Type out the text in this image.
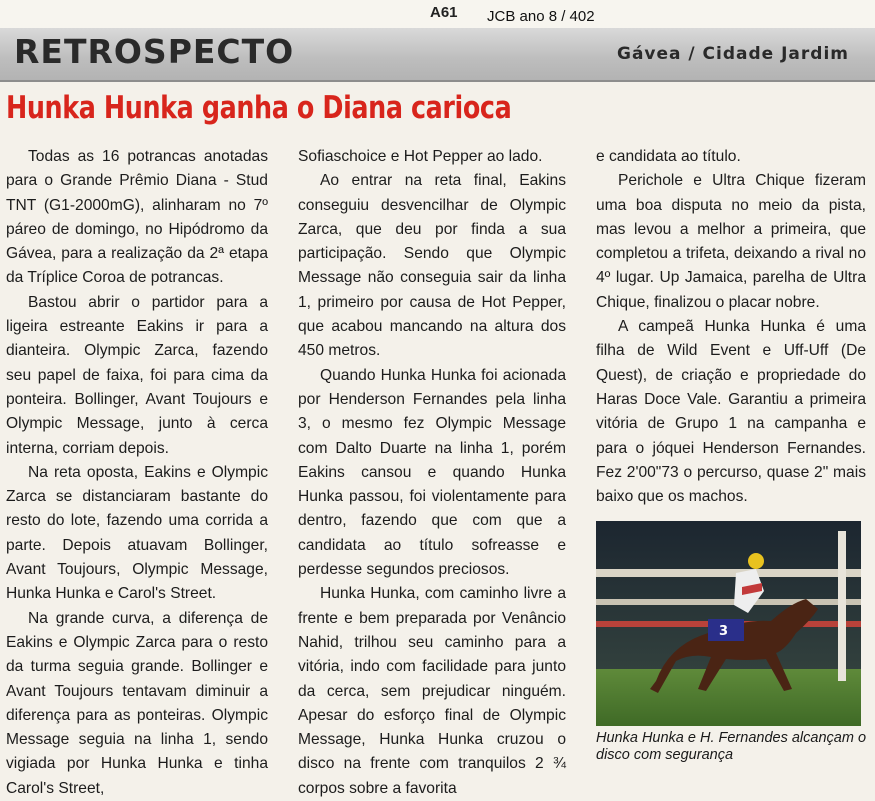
A61 JCB ano 8 / 402
RETROSPECTO	Gávea / Cidade Jardim
Hunka Hunka ganha o Diana carioca

Todas as 16 potrancas anotadas para o Grande Prêmio Diana - Stud TNT (G1-2000mG), alinharam no 7º páreo de domingo, no Hipódromo da Gávea, para a realização da 2ª etapa da Tríplice Coroa de potrancas.

Bastou abrir o partidor para a ligeira estreante Eakins ir para a dianteira. Olympic Zarca, fazendo seu papel de faixa, foi para cima da ponteira. Bollinger, Avant Toujours e Olympic Message, junto à cerca interna, corriam depois.

Na reta oposta, Eakins e Olympic Zarca se distanciaram bastante do resto do lote, fazendo uma corrida a parte. Depois atuavam Bollinger, Avant Toujours, Olympic Message, Hunka Hunka e Carol's Street.

Na grande curva, a diferença de Eakins e Olympic Zarca para o resto da turma seguia grande. Bollinger e Avant Toujours tentavam diminuir a diferença para as ponteiras. Olympic Message seguia na linha 1, sendo vigiada por Hunka Hunka e tinha Carol's Street,

Sofiaschoice e Hot Pepper ao lado.

Ao entrar na reta final, Eakins conseguiu desvencilhar de Olympic Zarca, que deu por finda a sua participação. Sendo que Olympic Message não conseguia sair da linha 1, primeiro por causa de Hot Pepper, que acabou mancando na altura dos 450 metros.

Quando Hunka Hunka foi acionada por Henderson Fernandes pela linha 3, o mesmo fez Olympic Message com Dalto Duarte na linha 1, porém Eakins cansou e quando Hunka Hunka passou, foi violentamente para dentro, fazendo que com que a candidata ao título sofreasse e perdesse segundos preciosos.

Hunka Hunka, com caminho livre a frente e bem preparada por Venâncio Nahid, trilhou seu caminho para a vitória, indo com facilidade para junto da cerca, sem prejudicar ninguém. Apesar do esforço final de Olympic Message, Hunka Hunka cruzou o disco na frente com tranquilos 2 ¾ corpos sobre a favorita

e candidata ao título.

Perichole e Ultra Chique fizeram uma boa disputa no meio da pista, mas levou a melhor a primeira, que completou a trifeta, deixando a rival no 4º lugar. Up Jamaica, parelha de Ultra Chique, finalizou o placar nobre.

A campeã Hunka Hunka é uma filha de Wild Event e Uff-Uff (De Quest), de criação e propriedade do Haras Doce Vale. Garantiu a primeira vitória de Grupo 1 na campanha e para o jóquei Henderson Fernandes. Fez 2'00"73 o percurso, quase 2" mais baixo que os machos.

3
Hunka Hunka e H. Fernandes alcançam o disco com segurança
